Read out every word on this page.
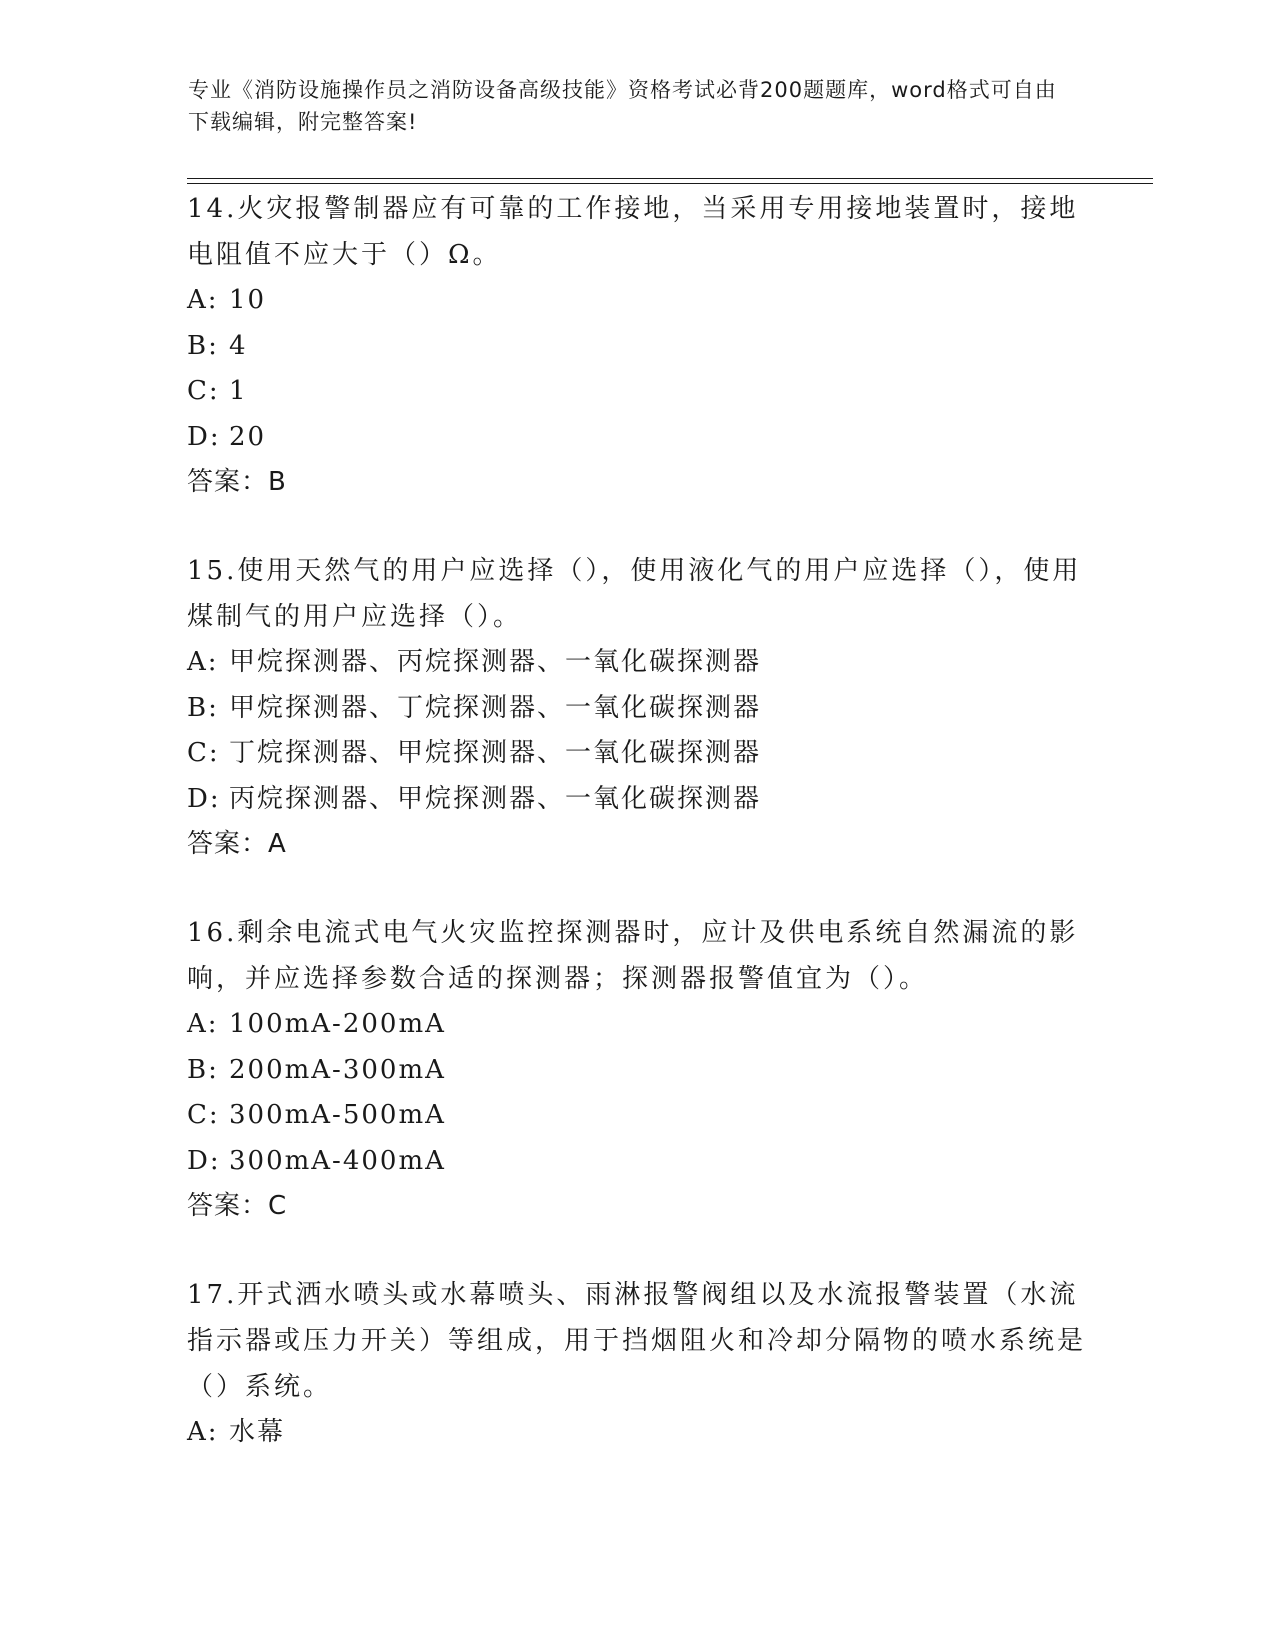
专业《消防设施操作员之消防设备高级技能》资格考试必背200题题库，word格式可自由下载编辑，附完整答案!
14.火灾报警制器应有可靠的工作接地，当采用专用接地装置时，接地电阻值不应大于（）Ω。
A: 10
B: 4
C: 1
D: 20
答案：B
15.使用天然气的用户应选择（），使用液化气的用户应选择（），使用煤制气的用户应选择（）。
A: 甲烷探测器、丙烷探测器、一氧化碳探测器
B: 甲烷探测器、丁烷探测器、一氧化碳探测器
C: 丁烷探测器、甲烷探测器、一氧化碳探测器
D: 丙烷探测器、甲烷探测器、一氧化碳探测器
答案：A
16.剩余电流式电气火灾监控探测器时，应计及供电系统自然漏流的影响，并应选择参数合适的探测器；探测器报警值宜为（）。
A: 100mA-200mA
B: 200mA-300mA
C: 300mA-500mA
D: 300mA-400mA
答案：C
17.开式洒水喷头或水幕喷头、雨淋报警阀组以及水流报警装置（水流指示器或压力开关）等组成，用于挡烟阻火和冷却分隔物的喷水系统是（）系统。
A: 水幕
